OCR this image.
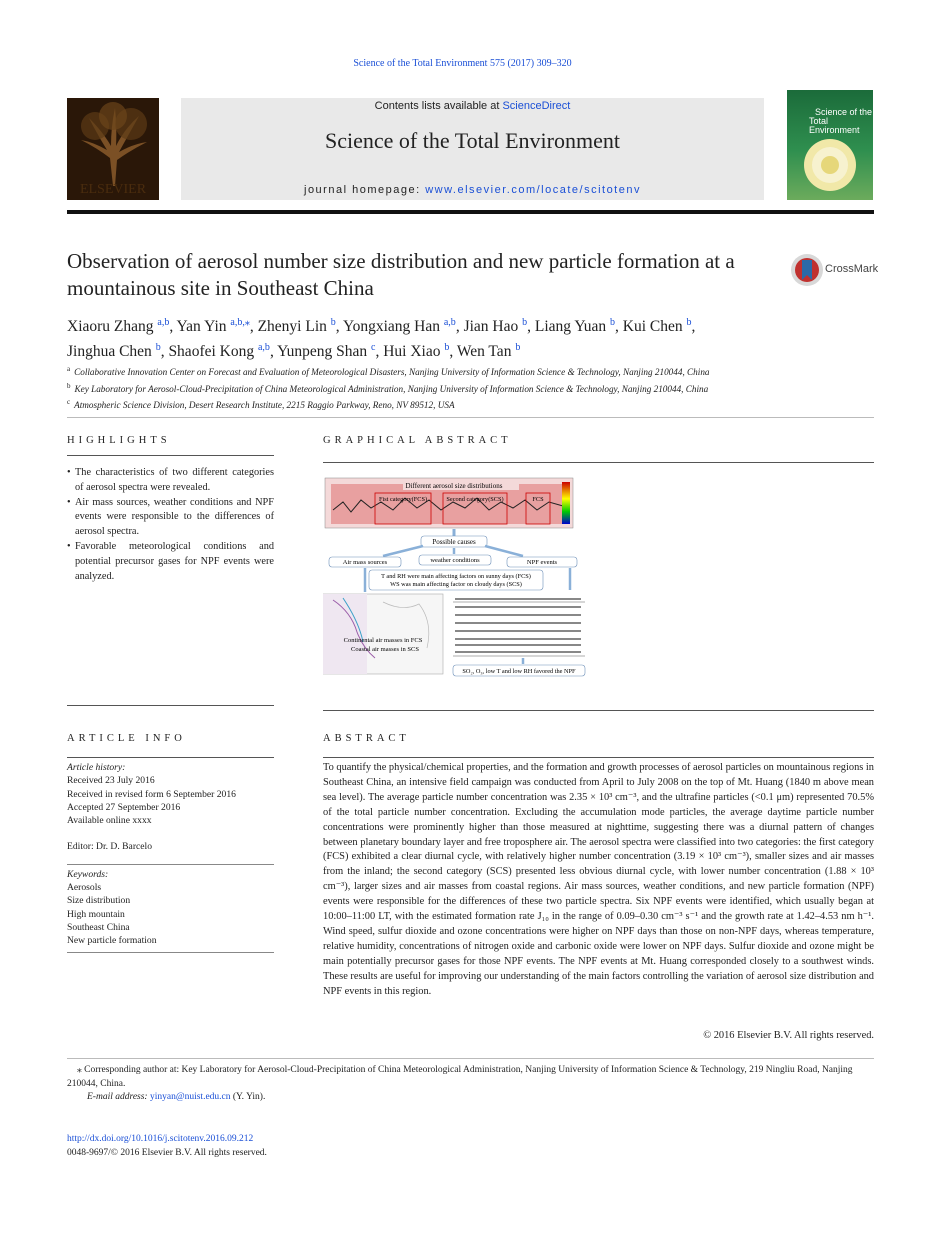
Science of the Total Environment 575 (2017) 309–320
ELSEVIER
Contents lists available at ScienceDirect
Science of the Total Environment
journal homepage: www.elsevier.com/locate/scitotenv
Science of the
Total Environment
Observation of aerosol number size distribution and new particle formation at a mountainous site in Southeast China
CrossMark
Xiaoru Zhang $^{a,b}$, Yan Yin $^{a,b,⁎}$, Zhenyi Lin $^b$, Yongxiang Han $^{a,b}$, Jian Hao $^b$, Liang Yuan $^b$, Kui Chen $^b$,
Jinghua Chen $^b$, Shaofei Kong $^{a,b}$, Yunpeng Shan $^c$, Hui Xiao $^b$, Wen Tan $^b$
$^a$ Collaborative Innovation Center on Forecast and Evaluation of Meteorological Disasters, Nanjing University of Information Science & Technology, Nanjing 210044, China
$^b$ Key Laboratory for Aerosol-Cloud-Precipitation of China Meteorological Administration, Nanjing University of Information Science & Technology, Nanjing 210044, China
$^c$ Atmospheric Science Division, Desert Research Institute, 2215 Raggio Parkway, Reno, NV 89512, USA
HIGHLIGHTS
• The characteristics of two different categories of aerosol spectra were revealed.
• Air mass sources, weather conditions and NPF events were responsible to the differences of aerosol spectra.
• Favorable meteorological conditions and potential precursor gases for NPF events were analyzed.
GRAPHICAL ABSTRACT
Different aerosol size distributions
Fist category(FCS)	Second category(SCS)	FCS
Possible causes
Air mass sources	weather conditions	NPF events
T and RH were main affecting factors on sunny days (FCS)
WS was main affecting factor on cloudy days (SCS)
Continental air masses in FCS
Coastal air masses in SCS
SO₂, O₃, low T and low RH favored the NPF
ARTICLE INFO
Article history:
Received 23 July 2016
Received in revised form 6 September 2016
Accepted 27 September 2016
Available online xxxx
Editor: Dr. D. Barcelo
Keywords:
Aerosols
Size distribution
High mountain
Southeast China
New particle formation
ABSTRACT
To quantify the physical/chemical properties, and the formation and growth processes of aerosol particles on mountainous regions in Southeast China, an intensive field campaign was conducted from April to July 2008 on the top of Mt. Huang (1840 m above mean sea level). The average particle number concentration was 2.35 × 10³ cm⁻³, and the ultrafine particles (<0.1 μm) represented 70.5% of the total particle number concentration. Excluding the accumulation mode particles, the average daytime particle number concentrations were prominently higher than those measured at nighttime, suggesting there was a diurnal pattern of changes between planetary boundary layer and free troposphere air. The aerosol spectra were classified into two categories: the first category (FCS) exhibited a clear diurnal cycle, with relatively higher number concentration (3.19 × 10³ cm⁻³), smaller sizes and air masses from the inland; the second category (SCS) presented less obvious diurnal cycle, with lower number concentration (1.88 × 10³ cm⁻³), larger sizes and air masses from coastal regions. Air mass sources, weather conditions, and new particle formation (NPF) events were responsible for the differences of these two particle spectra. Six NPF events were identified, which usually began at 10:00–11:00 LT, with the estimated formation rate J₁₀ in the range of 0.09–0.30 cm⁻³ s⁻¹ and the growth rate at 1.42–4.53 nm h⁻¹. Wind speed, sulfur dioxide and ozone concentrations were higher on NPF days than those on non-NPF days, whereas temperature, relative humidity, concentrations of nitrogen oxide and carbonic oxide were lower on NPF days. Sulfur dioxide and ozone might be main potentially precursor gases for those NPF events. The NPF events at Mt. Huang corresponded closely to a southwest winds. These results are useful for improving our understanding of the main factors controlling the variation of aerosol size distribution and NPF events in this region.
© 2016 Elsevier B.V. All rights reserved.
⁎ Corresponding author at: Key Laboratory for Aerosol-Cloud-Precipitation of China Meteorological Administration, Nanjing University of Information Science & Technology, 219 Ningliu Road, Nanjing 210044, China.
E-mail address: yinyan@nuist.edu.cn (Y. Yin).
http://dx.doi.org/10.1016/j.scitotenv.2016.09.212
0048-9697/© 2016 Elsevier B.V. All rights reserved.
